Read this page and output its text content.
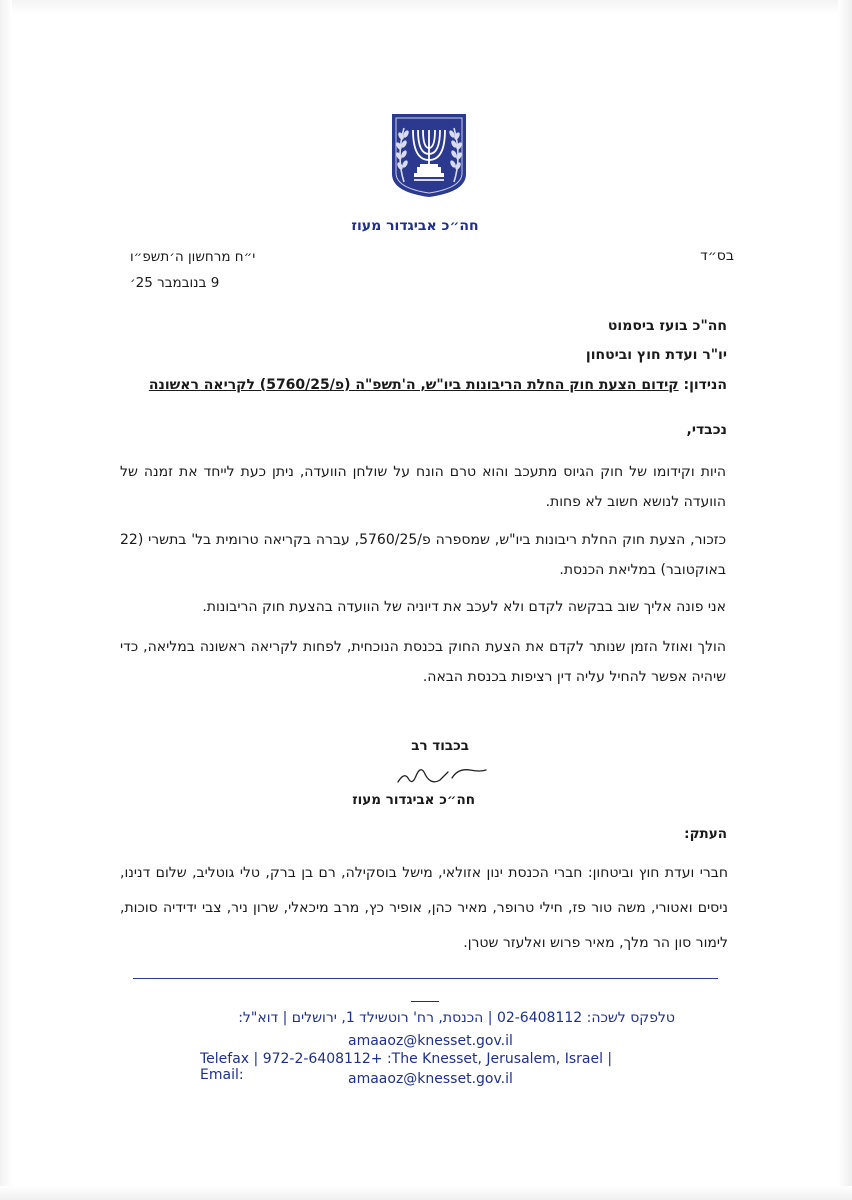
חה״כ אביגדור מעוז
בס״ד
י״ח מרחשון ה׳תשפ״ו
9 בנובמבר 25׳
חה"כ בועז ביסמוט
יו"ר ועדת חוץ וביטחון
הנידון: קידום הצעת חוק החלת הריבונות ביו"ש, ה'תשפ"ה (פ/5760/25) לקריאה ראשונה
נכבדי,
היות וקידומו של חוק הגיוס מתעכב והוא טרם הונח על שולחן הוועדה, ניתן כעת לייחד את זמנה של הוועדה לנושא חשוב לא פחות.
כזכור, הצעת חוק החלת ריבונות ביו"ש, שמספרה פ/5760/25, עברה בקריאה טרומית בל' בתשרי (22 באוקטובר) במליאת הכנסת.
אני פונה אליך שוב בבקשה לקדם ולא לעכב את דיוניה של הוועדה בהצעת חוק הריבונות.
הולך ואוזל הזמן שנותר לקדם את הצעת החוק בכנסת הנוכחית, לפחות לקריאה ראשונה במליאה, כדי שיהיה אפשר להחיל עליה דין רציפות בכנסת הבאה.
בכבוד רב
חה״כ אביגדור מעוז
העתק:
חברי ועדת חוץ וביטחון: חברי הכנסת ינון אזולאי, מישל בוסקילה, רם בן ברק, טלי גוטליב, שלום דנינו, ניסים ואטורי, משה טור פז, חילי טרופר, מאיר כהן, אופיר כץ, מרב מיכאלי, שרון ניר, צבי ידידיה סוכות, לימור סון הר מלך, מאיר פרוש ואלעזר שטרן.
טלפקס לשכה: 02-6408112 | הכנסת, רח' רוטשילד 1, ירושלים | דוא"ל:
amaaoz@knesset.gov.il
Telefax | 972-2-6408112+ :The Knesset, Jerusalem, Israel | Email:	amaaoz@knesset.gov.il
